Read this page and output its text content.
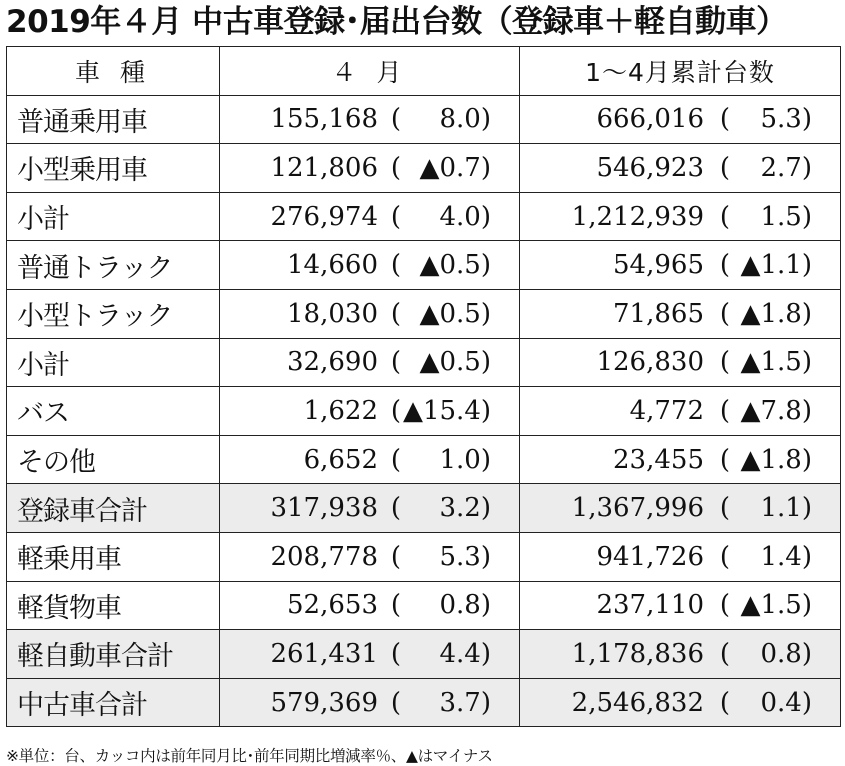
2019年４月 中古車登録･届出台数（登録車＋軽自動車）
車 種	４ 月	1～4月累計台数
普通乗用車	155,168 ( 8.0)	666,016 ( 5.3)

小型乗用車	121,806 ( ▲0.7)	546,923 ( 2.7)

小計	276,974 ( 4.0)	1,212,939 ( 1.5)

普通トラック	14,660 ( ▲0.5)	54,965 ( ▲1.1)

小型トラック	18,030 ( ▲0.5)	71,865 ( ▲1.8)

小計	32,690 ( ▲0.5)	126,830 ( ▲1.5)

バス	1,622 ( ▲15.4)	4,772 ( ▲7.8)

その他	6,652 ( 1.0)	23,455 ( ▲1.8)

登録車合計	317,938 ( 3.2)	1,367,996 ( 1.1)

軽乗用車	208,778 ( 5.3)	941,726 ( 1.4)

軽貨物車	52,653 ( 0.8)	237,110 ( ▲1.5)

軽自動車合計	261,431 ( 4.4)	1,178,836 ( 0.8)

中古車合計	579,369 ( 3.7)	2,546,832 ( 0.4)
※単位：台、カッコ内は前年同月比･前年同期比増減率％、▲はマイナス
